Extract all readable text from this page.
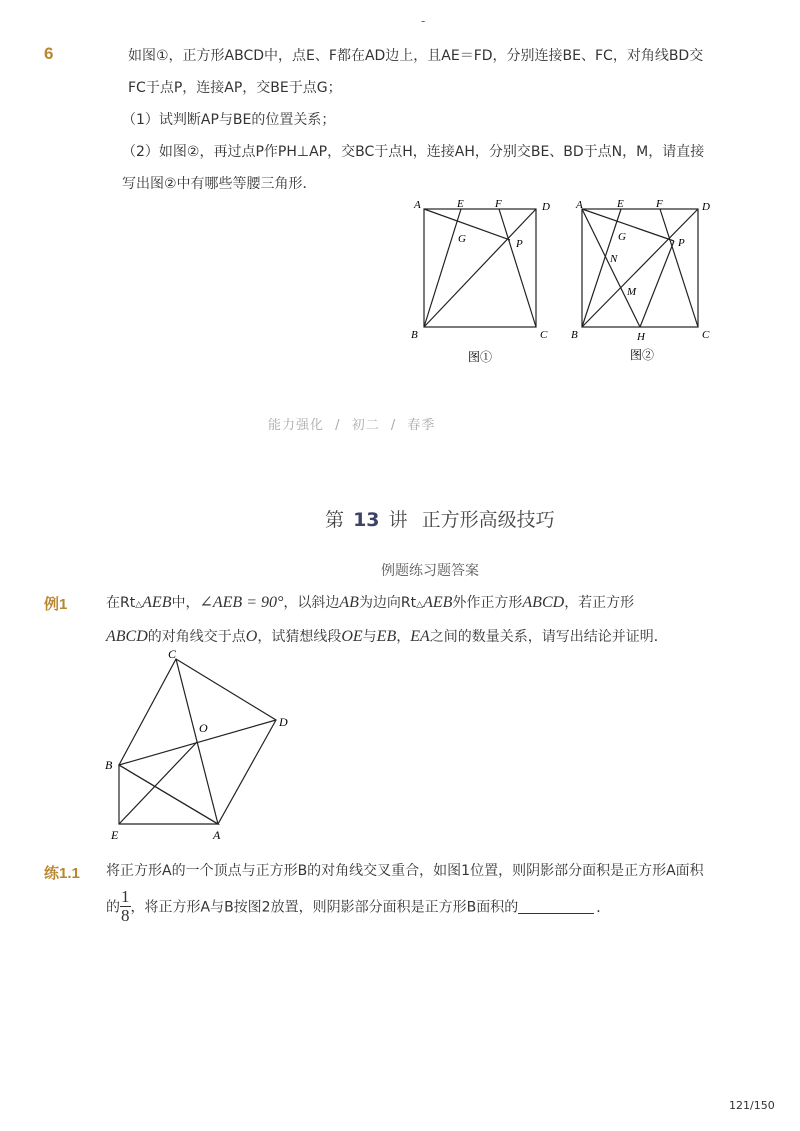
-
6	如图①，正方形ABCD中，点E、F都在AD边上，且AE＝FD，分别连接BE、FC，对角线BD交
FC于点P，连接AP，交BE于点G；
（1）试判断AP与BE的位置关系；
（2）如图②，再过点P作PH⊥AP，交BC于点H，连接AH，分别交BE、BD于点N，M，请直接
写出图②中有哪些等腰三角形．
A	E	F	D
G	P
B	C
图①
A	E	F	D
G
N
P
M
B	H	C
图②
能力强化 / 初二 / 春季
第 13 讲 正方形高级技巧
例题练习题答案
例1	在Rt△AEB中，∠AEB = 90°，以斜边AB为边向Rt△AEB外作正方形ABCD，若正方形
ABCD的对角线交于点O，试猜想线段OE与EB，EA之间的数量关系，请写出结论并证明．
C
D
O
B
E	A
练1.1 将正方形A的一个顶点与正方形B的对角线交叉重合，如图1位置，则阴影部分面积是正方形A面积
的 $\frac{1}{8}$ ，将正方形A与B按图2放置，则阴影部分面积是正方形B面积的	．
121/150
